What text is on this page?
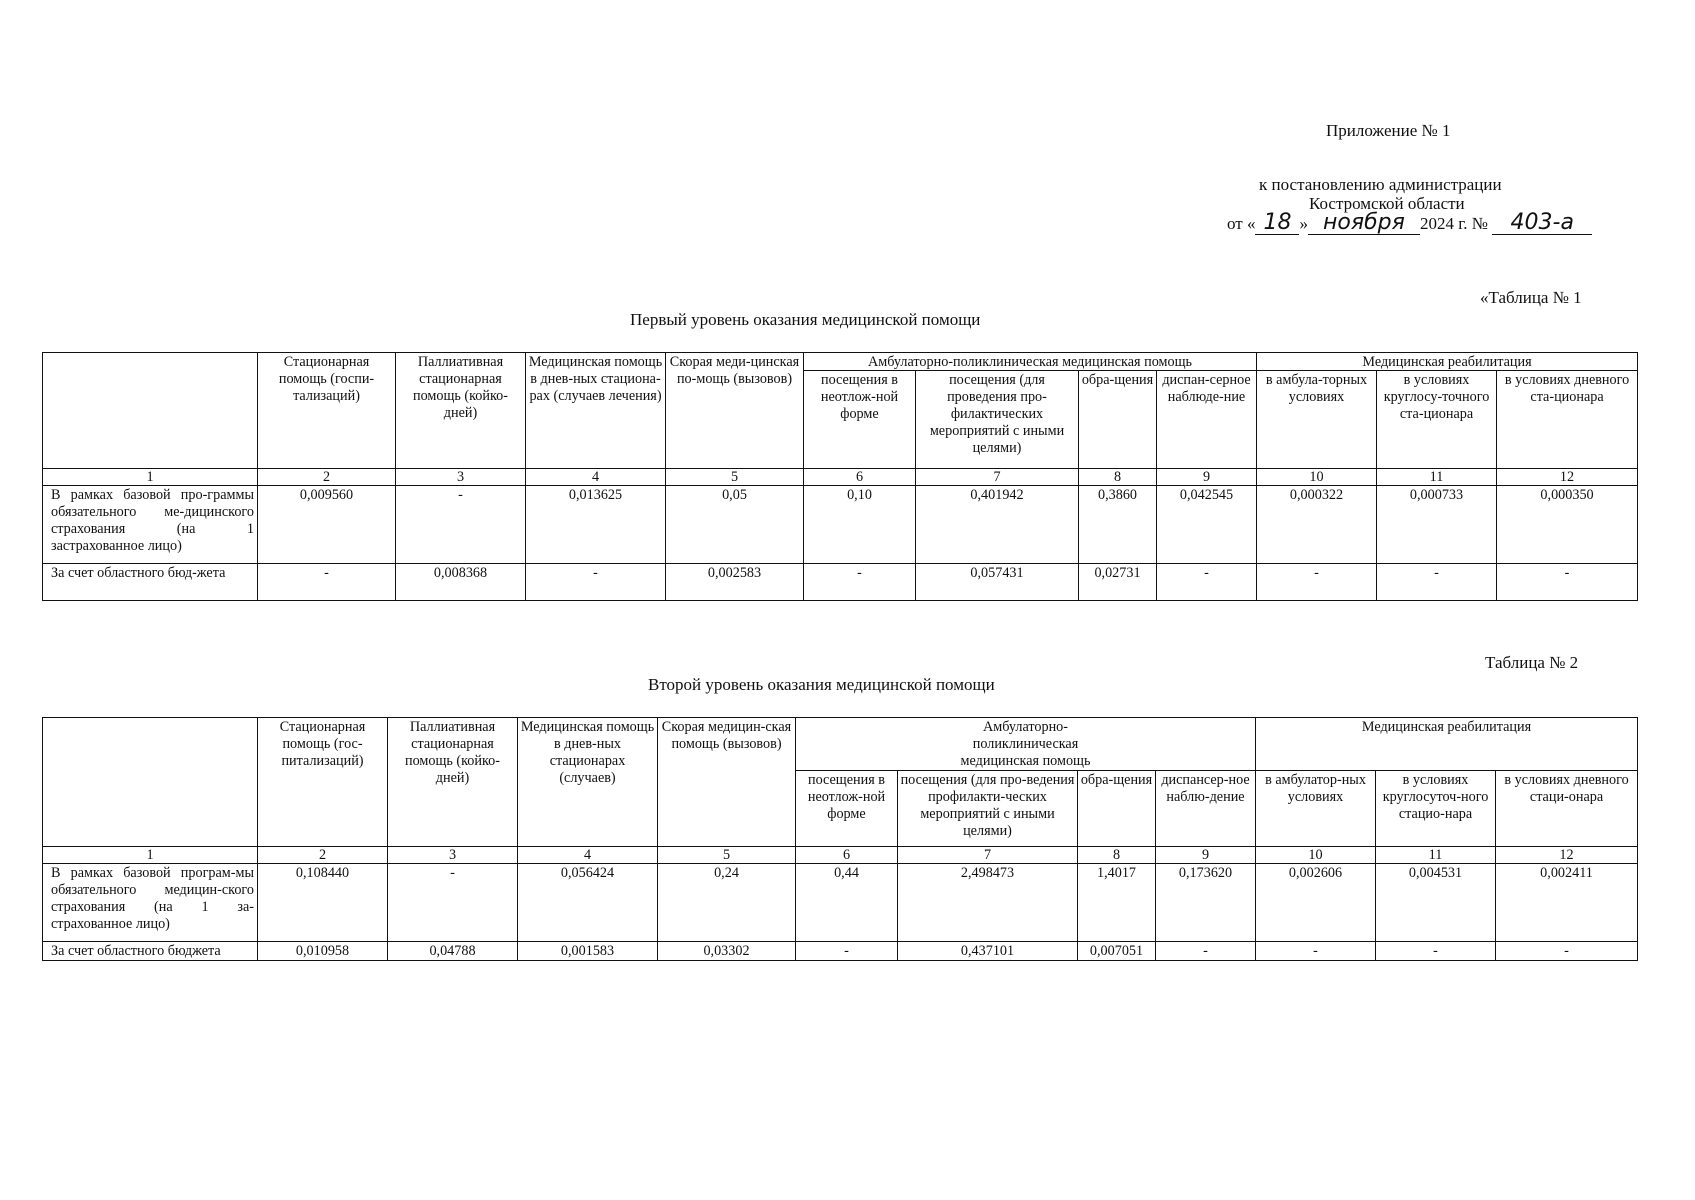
Приложение № 1
к постановлению администрации
Костромской области
от « 18 » ноября 2024 г. № 403-а
«Таблица № 1
Первый уровень оказания медицинской помощи
	Стационарная помощь (госпи-тализаций)	Паллиативная стационарная помощь (койко-дней)	Медицинская помощь в днев-ных стациона-рах (случаев лечения)	Скорая меди-цинская по-мощь (вызовов)	Амбулаторно-поликлиническая медицинская помощь				Медицинская реабилитация		
					посещения в неотлож-ной форме	посещения (для проведения про-филактических мероприятий с иными целями)	обра-щения	диспан-серное наблюде-ние	в амбула-торных условиях	в условиях круглосу-точного ста-ционара	в условиях дневного ста-ционара
1	2	3	4	5	6	7	8	9	10	11	12
В рамках базовой про-граммы обязательного ме-дицинского страхования (на 1 застрахованное лицо)	0,009560	-	0,013625	0,05	0,10	0,401942	0,3860	0,042545	0,000322	0,000733	0,000350
За счет областного бюд-жета	-	0,008368	-	0,002583	-	0,057431	0,02731	-	-	-	-
Таблица № 2
Второй уровень оказания медицинской помощи
	Стационарная помощь (гос-питализаций)	Паллиативная стационарная помощь (койко-дней)	Медицинская помощь в днев-ных стационарах (случаев)	Скорая медицин-ская помощь (вызовов)	Амбулаторно-поликлиническая медицинская помощь				Медицинская реабилитация		
					посещения в неотлож-ной форме	посещения (для про-ведения профилакти-ческих мероприятий с иными целями)	обра-щения	диспансер-ное наблю-дение	в амбулатор-ных условиях	в условиях круглосуточ-ного стацио-нара	в условиях дневного стаци-онара
1	2	3	4	5	6	7	8	9	10	11	12
В рамках базовой програм-мы обязательного медицин-ского страхования (на 1 за-страхованное лицо)	0,108440	-	0,056424	0,24	0,44	2,498473	1,4017	0,173620	0,002606	0,004531	0,002411
За счет областного бюджета	0,010958	0,04788	0,001583	0,03302	-	0,437101	0,007051	-	-	-	-
